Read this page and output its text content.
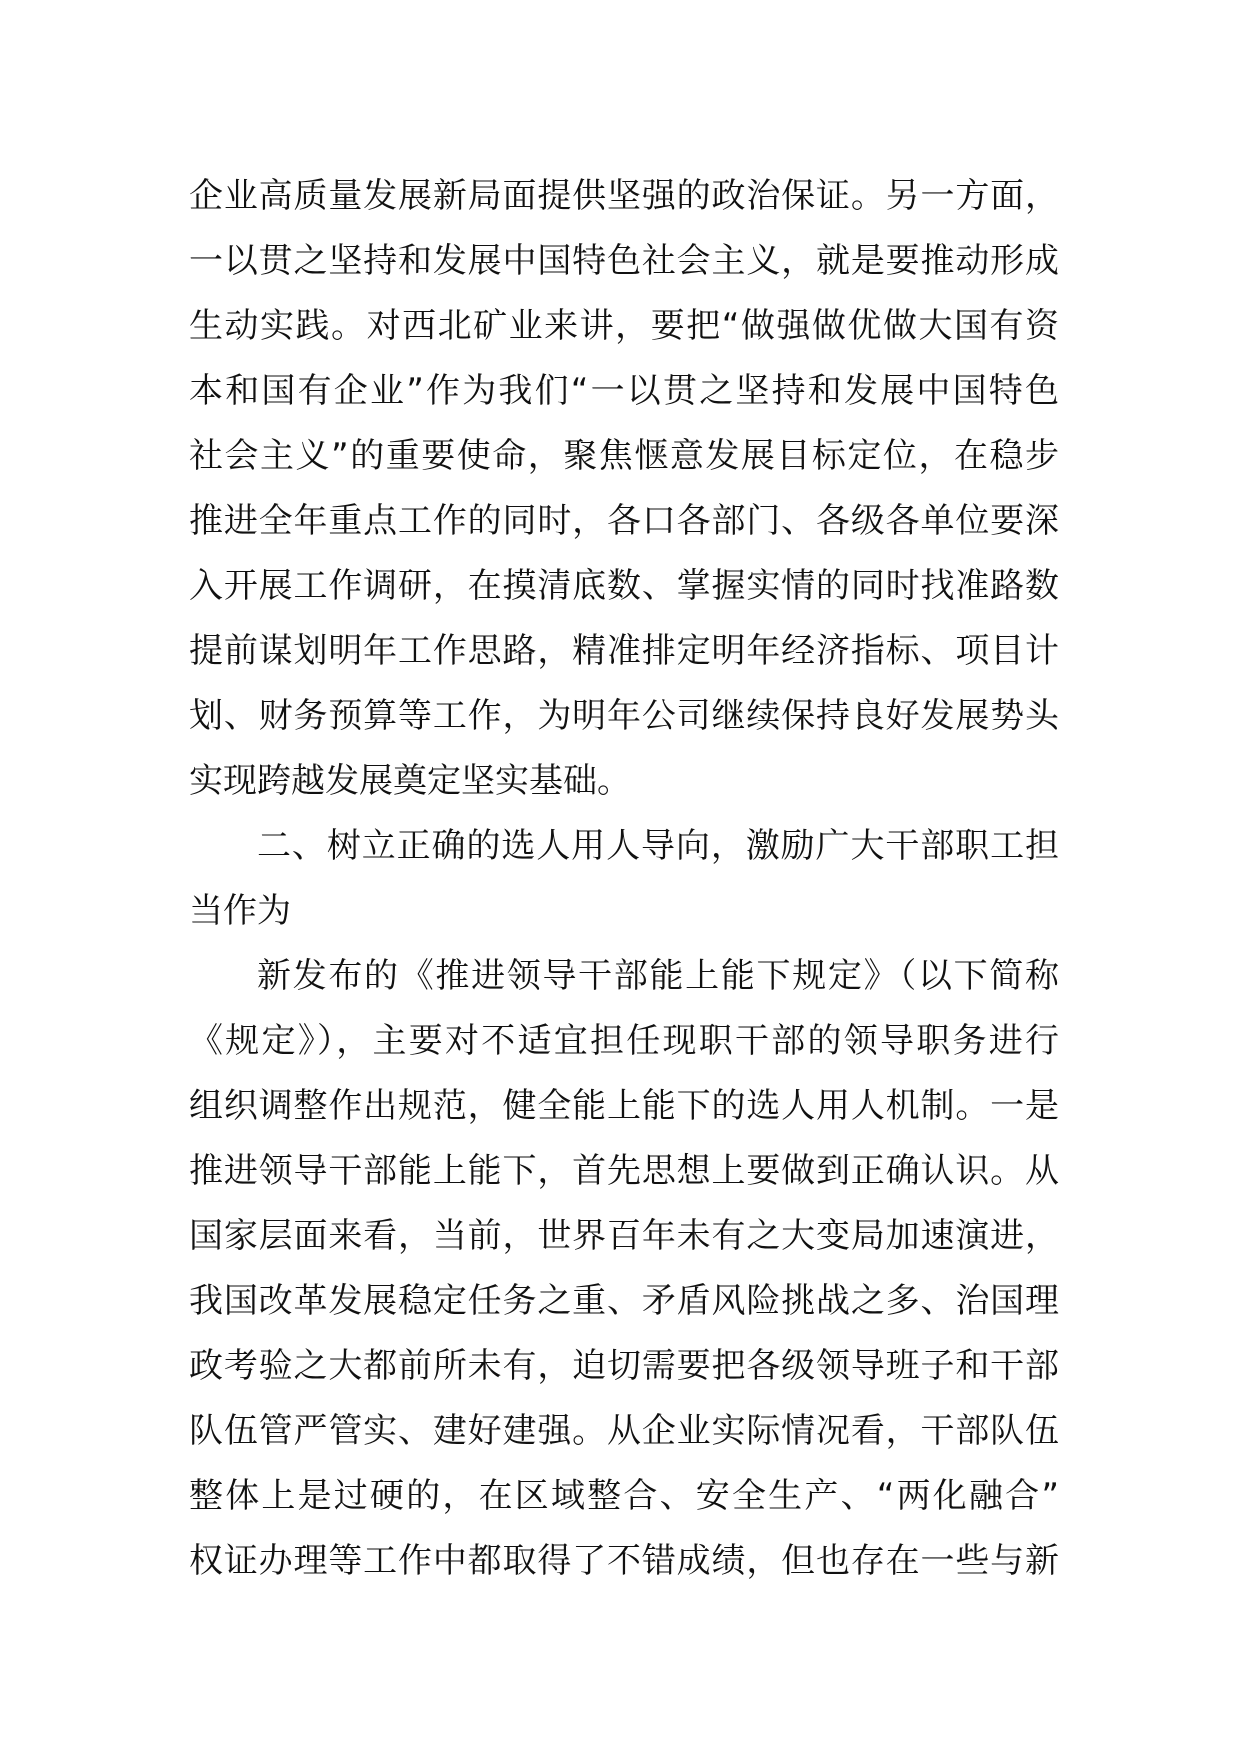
企业高质量发展新局面提供坚强的政治保证。另一方面，
一以贯之坚持和发展中国特色社会主义，就是要推动形成
生动实践。对西北矿业来讲，要把“做强做优做大国有资
本和国有企业”作为我们“一以贯之坚持和发展中国特色
社会主义”的重要使命，聚焦惬意发展目标定位，在稳步
推进全年重点工作的同时，各口各部门、各级各单位要深
入开展工作调研，在摸清底数、掌握实情的同时找准路数
提前谋划明年工作思路，精准排定明年经济指标、项目计
划、财务预算等工作，为明年公司继续保持良好发展势头
实现跨越发展奠定坚实基础。
二、树立正确的选人用人导向，激励广大干部职工担
当作为
新发布的《推进领导干部能上能下规定》（以下简称
《规定》），主要对不适宜担任现职干部的领导职务进行
组织调整作出规范，健全能上能下的选人用人机制。一是
推进领导干部能上能下，首先思想上要做到正确认识。从
国家层面来看，当前，世界百年未有之大变局加速演进，
我国改革发展稳定任务之重、矛盾风险挑战之多、治国理
政考验之大都前所未有，迫切需要把各级领导班子和干部
队伍管严管实、建好建强。从企业实际情况看，干部队伍
整体上是过硬的，在区域整合、安全生产、“两化融合”
权证办理等工作中都取得了不错成绩，但也存在一些与新
